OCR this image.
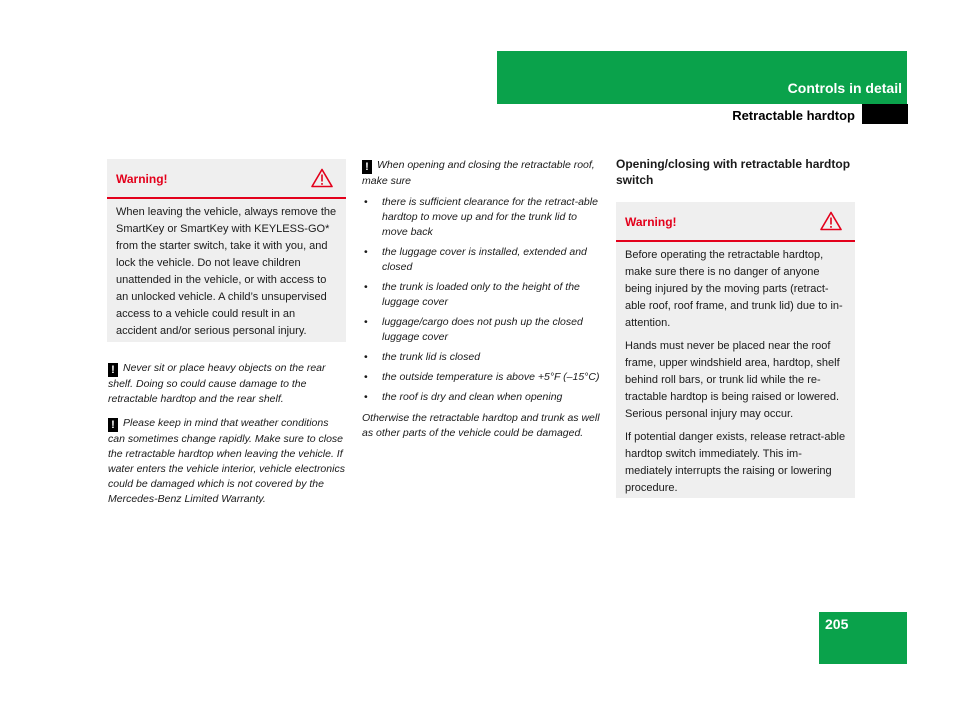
Controls in detail
Retractable hardtop
Warning!

When leaving the vehicle, always remove the SmartKey or SmartKey with KEYLESS-GO* from the starter switch, take it with you, and lock the vehicle. Do not leave children unattended in the vehicle, or with access to an unlocked vehicle. A child’s unsupervised access to a vehicle could result in an accident and/or serious personal injury.

! Never sit or place heavy objects on the rear shelf. Doing so could cause damage to the retractable hardtop and the rear shelf.
! Please keep in mind that weather conditions can sometimes change rapidly. Make sure to close the retractable hardtop when leaving the vehicle. If water enters the vehicle interior, vehicle electronics could be damaged which is not covered by the Mercedes-Benz Limited Warranty.
! When opening and closing the retractable roof, make sure
• there is sufficient clearance for the retract-able hardtop to move up and for the trunk lid to move back
• the luggage cover is installed, extended and closed
• the trunk is loaded only to the height of the luggage cover
• luggage/cargo does not push up the closed luggage cover
• the trunk lid is closed
• the outside temperature is above +5°F (–15°C)
• the roof is dry and clean when opening
Otherwise the retractable hardtop and trunk as well as other parts of the vehicle could be damaged.
Opening/closing with retractable hardtop switch
Warning!

Before operating the retractable hardtop, make sure there is no danger of anyone being injured by the moving parts (retract-able roof, roof frame, and trunk lid) due to in-attention.

Hands must never be placed near the roof frame, upper windshield area, hardtop, shelf behind roll bars, or trunk lid while the re-tractable hardtop is being raised or lowered. Serious personal injury may occur.

If potential danger exists, release retract-able hardtop switch immediately. This im-mediately interrupts the raising or lowering procedure.

205
